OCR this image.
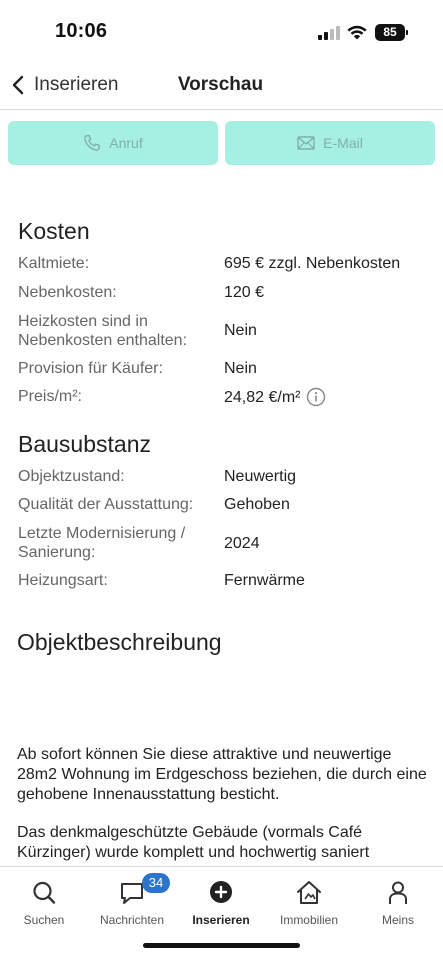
10:06	85
Inserieren	Vorschau
Anruf	E-Mail
Kosten
Kaltmiete:	695 € zzgl. Nebenkosten
Nebenkosten:	120 €
Heizkosten sind in Nebenkosten enthalten:
Nein
Provision für Käufer:	Nein
Preis/m²:	24,82 €/m²
Bausubstanz
Objektzustand:	Neuwertig
Qualität der Ausstattung:	Gehoben
Letzte Modernisierung / Sanierung:
2024
Heizungsart:	Fernwärme
Objektbeschreibung
Ab sofort können Sie diese attraktive und neuwertige 28m2 Wohnung im Erdgeschoss beziehen, die durch eine gehobene Innenausstattung besticht.
Das denkmalgeschützte Gebäude (vormals Café Kürzinger) wurde komplett und hochwertig saniert
Suchen
34
Nachrichten	Inserieren	Immobilien	Meins
